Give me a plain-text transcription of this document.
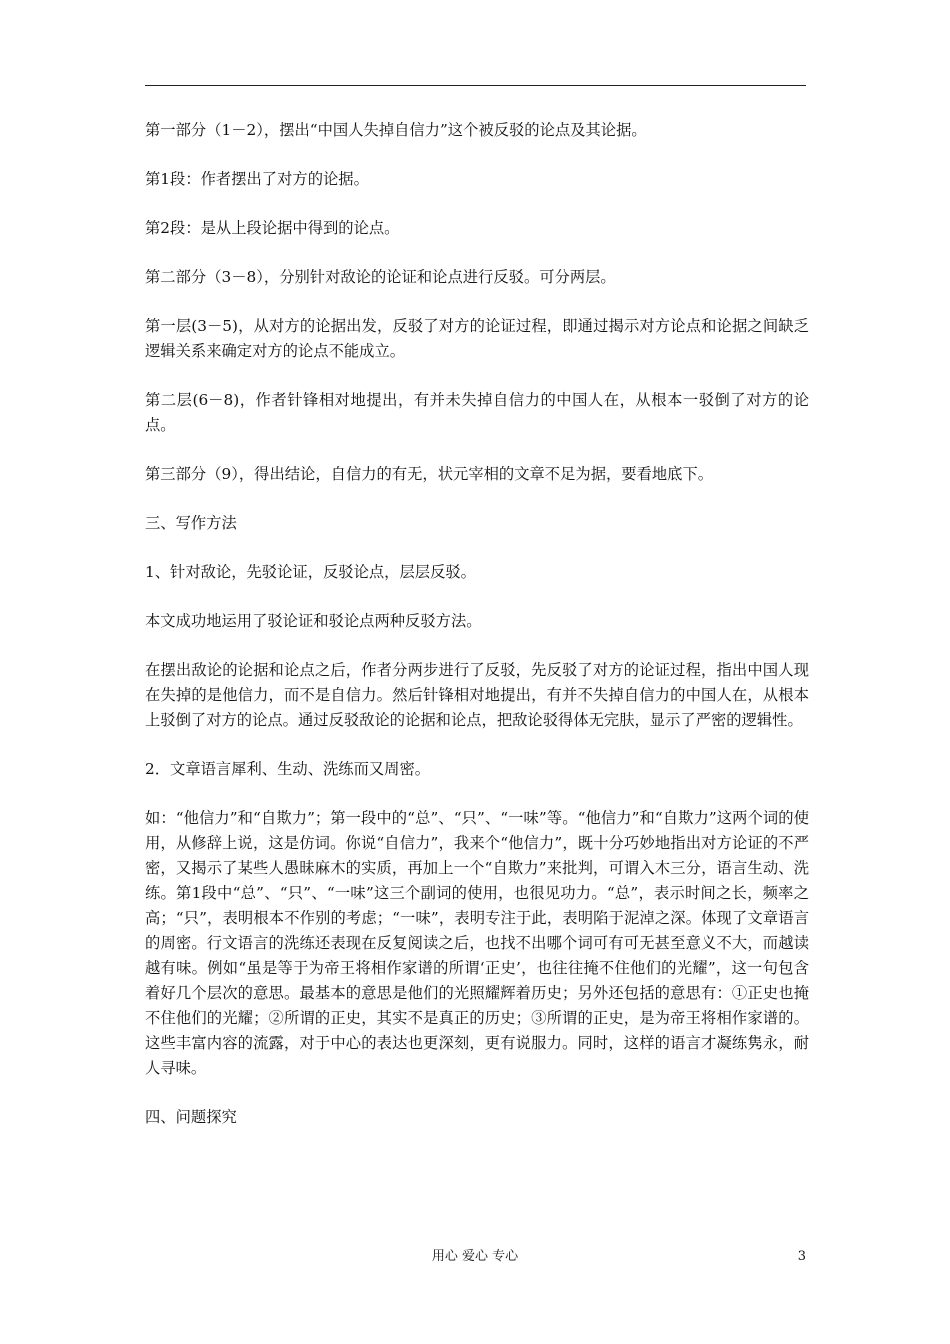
第一部分（1－2），摆出“中国人失掉自信力”这个被反驳的论点及其论据。

第1段：作者摆出了对方的论据。

第2段：是从上段论据中得到的论点。

第二部分（3－8），分别针对敌论的论证和论点进行反驳。可分两层。

第一层(3－5)，从对方的论据出发，反驳了对方的论证过程，即通过揭示对方论点和论据之间缺乏逻辑关系来确定对方的论点不能成立。

第二层(6－8)，作者针锋相对地提出，有并未失掉自信力的中国人在，从根本一驳倒了对方的论点。

第三部分（9），得出结论，自信力的有无，状元宰相的文章不足为据，要看地底下。

三、写作方法

1、针对敌论，先驳论证，反驳论点，层层反驳。

本文成功地运用了驳论证和驳论点两种反驳方法。

在摆出敌论的论据和论点之后，作者分两步进行了反驳，先反驳了对方的论证过程，指出中国人现在失掉的是他信力，而不是自信力。然后针锋相对地提出，有并不失掉自信力的中国人在，从根本上驳倒了对方的论点。通过反驳敌论的论据和论点，把敌论驳得体无完肤，显示了严密的逻辑性。

2．文章语言犀利、生动、洗练而又周密。

如：“他信力”和“自欺力”；第一段中的“总”、“只”、“一味”等。“他信力”和“自欺力”这两个词的使用，从修辞上说，这是仿词。你说“自信力”，我来个“他信力”，既十分巧妙地指出对方论证的不严密，又揭示了某些人愚昧麻木的实质，再加上一个“自欺力”来批判，可谓入木三分，语言生动、洗练。第1段中“总”、“只”、“一味”这三个副词的使用，也很见功力。“总”，表示时间之长，频率之高；“只”，表明根本不作别的考虑；“一味”，表明专注于此，表明陷于泥淖之深。体现了文章语言的周密。行文语言的洗练还表现在反复阅读之后，也找不出哪个词可有可无甚至意义不大，而越读越有味。例如“虽是等于为帝王将相作家谱的所谓‘正史’，也往往掩不住他们的光耀”，这一句包含着好几个层次的意思。最基本的意思是他们的光照耀辉着历史；另外还包括的意思有：①正史也掩不住他们的光耀；②所谓的正史，其实不是真正的历史；③所谓的正史，是为帝王将相作家谱的。这些丰富内容的流露，对于中心的表达也更深刻，更有说服力。同时，这样的语言才凝练隽永，耐人寻味。

四、问题探究

用心 爱心 专心	3
